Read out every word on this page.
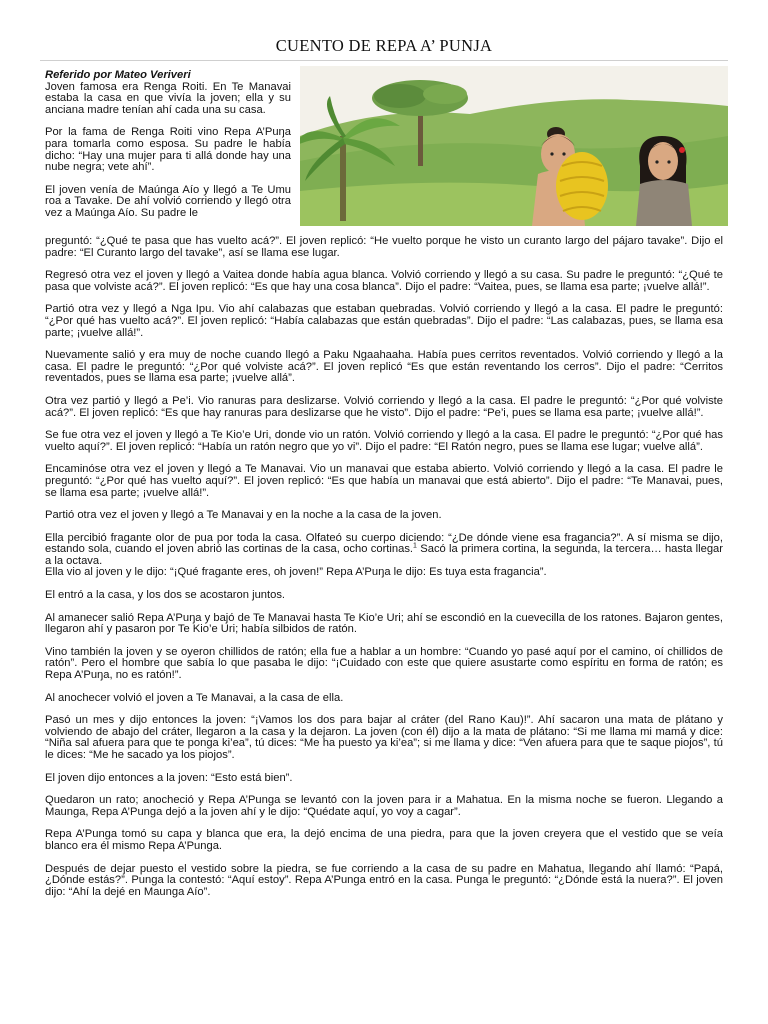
CUENTO DE REPA A’ PUNJA

Referido por Mateo Veriveri
Joven famosa era Renga Roiti. En Te Manavai estaba la casa en que vivía la joven; ella y su anciana madre tenían ahí cada una su casa.

Por la fama de Renga Roiti vino Repa A’Puŋa para tomarla como esposa. Su padre le había dicho: “Hay una mujer para ti allá donde hay una nube negra; vete ahí”.

El joven venía de Maúnga Aío y llegó a Te Umu roa a Tavake. De ahí volvió corriendo y llegó otra vez a Maúnga Aío. Su padre le

preguntó: “¿Qué te pasa que has vuelto acá?”. El joven replicó: “He vuelto porque he visto un curanto largo del pájaro tavake”. Dijo el padre: “El Curanto largo del tavake”, así se llama ese lugar.

Regresó otra vez el joven y llegó a Vaitea donde había agua blanca. Volvió corriendo y llegó a su casa. Su padre le preguntó: “¿Qué te pasa que volviste acá?”. El joven replicó: “Es que hay una cosa blanca”. Dijo el padre: “Vaitea, pues, se llama esa parte; ¡vuelve allá!”.

Partió otra vez y llegó a Nga Ipu. Vio ahí calabazas que estaban quebradas. Volvió corriendo y llegó a la casa. El padre le preguntó: “¿Por qué has vuelto acá?”. El joven replicó: “Había calabazas que están quebradas”. Dijo el padre: “Las calabazas, pues, se llama esa parte; ¡vuelve allá!”.

Nuevamente salió y era muy de noche cuando llegó a Paku Ngaahaaha. Había pues cerritos reventados. Volvió corriendo y llegó a la casa. El padre le preguntó: “¿Por qué volviste acá?”. El joven replicó “Es que están reventando los cerros”. Dijo el padre: “Cerritos reventados, pues se llama esa parte; ¡vuelve allá”.

Otra vez partió y llegó a Pe’i. Vio ranuras para deslizarse. Volvió corriendo y llegó a la casa. El padre le preguntó: “¿Por qué volviste acá?”. El joven replicó: “Es que hay ranuras para deslizarse que he visto”. Dijo el padre: “Pe’i, pues se llama esa parte; ¡vuelve allá!”.

Se fue otra vez el joven y llegó a Te Kio’e Uri, donde vio un ratón. Volvió corriendo y llegó a la casa. El padre le preguntó: “¿Por qué has vuelto aquí?”. El joven replicó: “Había un ratón negro que yo vi”. Dijo el padre: “El Ratón negro, pues se llama ese lugar; vuelve allá”.

Encaminóse otra vez el joven y llegó a Te Manavai. Vio un manavai que estaba abierto. Volvió corriendo y llegó a la casa. El padre le preguntó: “¿Por qué has vuelto aquí?”. El joven replicó: “Es que había un manavai que está abierto”. Dijo el padre: “Te Manavai, pues, se llama esa parte; ¡vuelve allá!”.

Partió otra vez el joven y llegó a Te Manavai y en la noche a la casa de la joven.

Ella percibió fragante olor de pua por toda la casa. Olfateó su cuerpo diciendo: “¿De dónde viene esa fragancia?”. A sí misma se dijo, estando sola, cuando el joven abrió las cortinas de la casa, ocho cortinas.$^1$ Sacó la primera cortina, la segunda, la tercera… hasta llegar a la octava.
Ella vio al joven y le dijo: “¡Qué fragante eres, oh joven!” Repa A’Puŋa le dijo: Es tuya esta fragancia”.

El entró a la casa, y los dos se acostaron juntos.

Al amanecer salió Repa A’Puŋa y bajó de Te Manavai hasta Te Kio’e Uri; ahí se escondió en la cuevecilla de los ratones. Bajaron gentes, llegaron ahí y pasaron por Te Kio’e Uri; había silbidos de ratón.

Vino también la joven y se oyeron chillidos de ratón; ella fue a hablar a un hombre: “Cuando yo pasé aquí por el camino, oí chillidos de ratón”. Pero el hombre que sabía lo que pasaba le dijo: “¡Cuidado con este que quiere asustarte como espíritu en forma de ratón; es Repa A’Puŋa, no es ratón!”.

Al anochecer volvió el joven a Te Manavai, a la casa de ella.

Pasó un mes y dijo entonces la joven: “¡Vamos los dos para bajar al cráter (del Rano Kau)!”. Ahí sacaron una mata de plátano y volviendo de abajo del cráter, llegaron a la casa y la dejaron. La joven (con él) dijo a la mata de plátano: “Si me llama mi mamá y dice: “Niña sal afuera para que te ponga ki’ea”, tú dices: “Me ha puesto ya ki’ea”; si me llama y dice: “Ven afuera para que te saque piojos”, tú le dices: “Me he sacado ya los piojos”.

El joven dijo entonces a la joven: “Esto está bien”.

Quedaron un rato; anocheció y Repa A’Punga se levantó con la joven para ir a Mahatua. En la misma noche se fueron. Llegando a Maunga, Repa A’Punga dejó a la joven ahí y le dijo: “Quédate aquí, yo voy a cagar”.

Repa A’Punga tomó su capa y blanca que era, la dejó encima de una piedra, para que la joven creyera que el vestido que se veía blanco era él mismo Repa A’Punga.

Después de dejar puesto el vestido sobre la piedra, se fue corriendo a la casa de su padre en Mahatua, llegando ahí llamó: “Papá, ¿Dónde estás?”. Punga la contestó: “Aquí estoy”. Repa A’Punga entró en la casa. Punga le preguntó: “¿Dónde está la nuera?”. El joven dijo: “Ahí la dejé en Maunga Aío”.
